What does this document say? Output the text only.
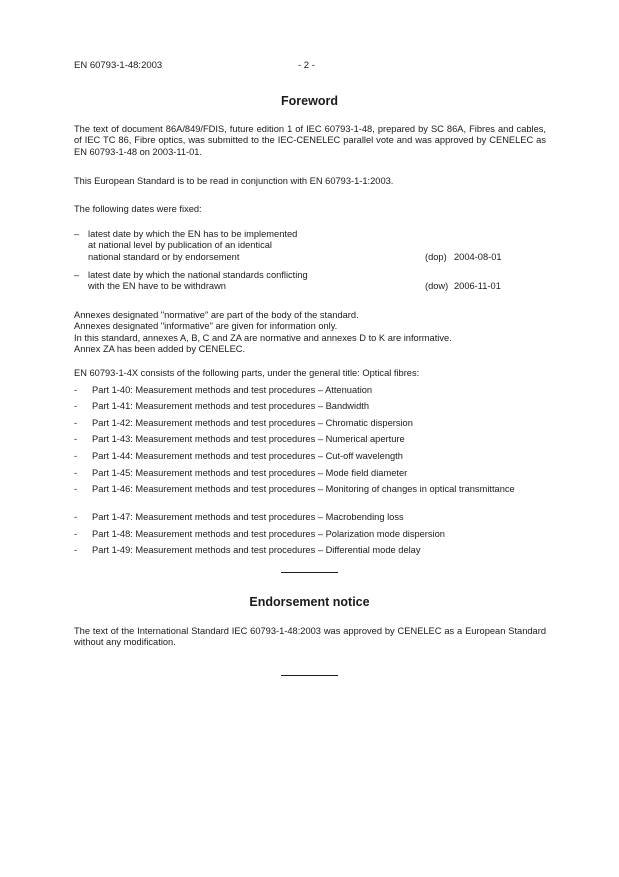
EN 60793-1-48:2003	- 2 -
Foreword
The text of document 86A/849/FDIS, future edition 1 of IEC 60793-1-48, prepared by SC 86A, Fibres and cables, of IEC TC 86, Fibre optics, was submitted to the IEC-CENELEC parallel vote and was approved by CENELEC as EN 60793-1-48 on 2003-11-01.
This European Standard is to be read in conjunction with EN 60793-1-1:2003.
The following dates were fixed:
– latest date by which the EN has to be implemented
at national level by publication of an identical
national standard or by endorsement	(dop) 2004-08-01
– latest date by which the national standards conflicting
with the EN have to be withdrawn	(dow) 2006-11-01
Annexes designated "normative" are part of the body of the standard.
Annexes designated "informative" are given for information only.
In this standard, annexes A, B, C and ZA are normative and annexes D to K are informative.
Annex ZA has been added by CENELEC.
EN 60793-1-4X consists of the following parts, under the general title: Optical fibres:
- Part 1-40: Measurement methods and test procedures – Attenuation
- Part 1-41: Measurement methods and test procedures – Bandwidth
- Part 1-42: Measurement methods and test procedures – Chromatic dispersion
- Part 1-43: Measurement methods and test procedures – Numerical aperture
- Part 1-44: Measurement methods and test procedures – Cut-off wavelength
- Part 1-45: Measurement methods and test procedures – Mode field diameter
- Part 1-46: Measurement methods and test procedures – Monitoring of changes in optical transmittance
- Part 1-47: Measurement methods and test procedures – Macrobending loss
- Part 1-48: Measurement methods and test procedures – Polarization mode dispersion
- Part 1-49: Measurement methods and test procedures – Differential mode delay
Endorsement notice
The text of the International Standard IEC 60793-1-48:2003 was approved by CENELEC as a European Standard without any modification.
